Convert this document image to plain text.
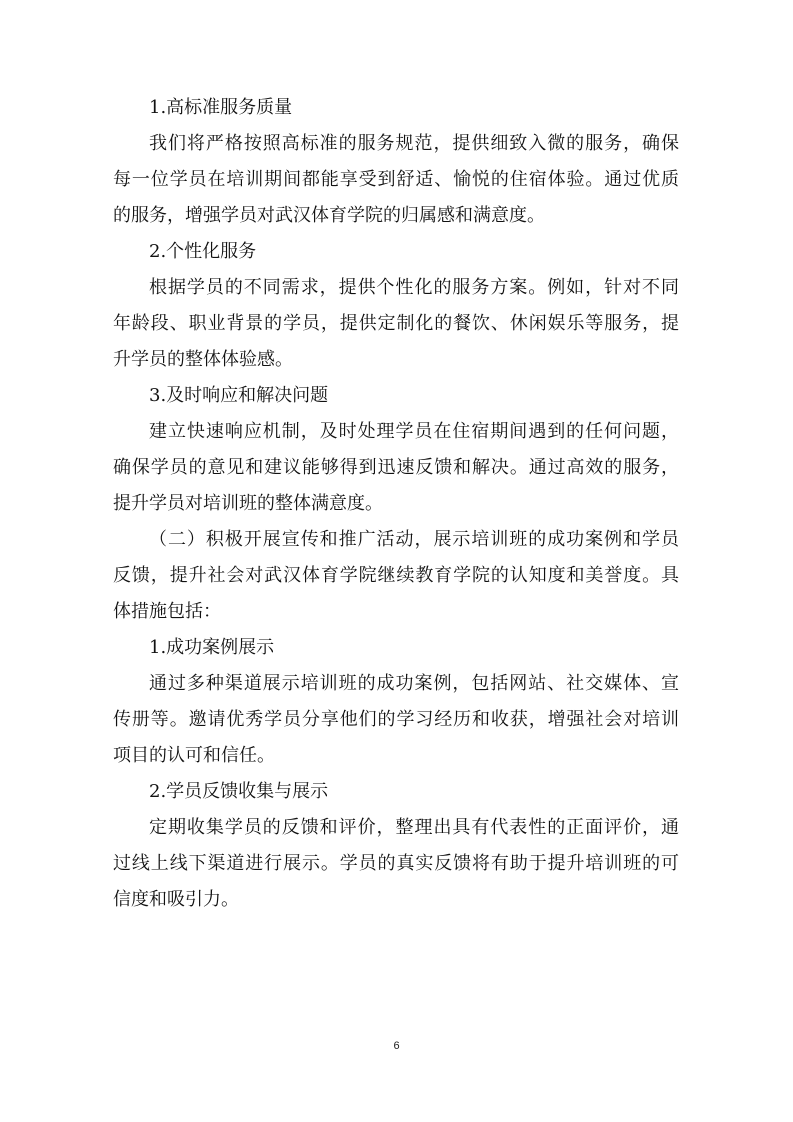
1.高标准服务质量
我们将严格按照高标准的服务规范，提供细致入微的服务，确保
每一位学员在培训期间都能享受到舒适、愉悦的住宿体验。通过优质
的服务，增强学员对武汉体育学院的归属感和满意度。
2.个性化服务
根据学员的不同需求，提供个性化的服务方案。例如，针对不同
年龄段、职业背景的学员，提供定制化的餐饮、休闲娱乐等服务，提
升学员的整体体验感。
3.及时响应和解决问题
建立快速响应机制，及时处理学员在住宿期间遇到的任何问题，
确保学员的意见和建议能够得到迅速反馈和解决。通过高效的服务，
提升学员对培训班的整体满意度。
（二）积极开展宣传和推广活动，展示培训班的成功案例和学员
反馈，提升社会对武汉体育学院继续教育学院的认知度和美誉度。具
体措施包括：
1.成功案例展示
通过多种渠道展示培训班的成功案例，包括网站、社交媒体、宣
传册等。邀请优秀学员分享他们的学习经历和收获，增强社会对培训
项目的认可和信任。
2.学员反馈收集与展示
定期收集学员的反馈和评价，整理出具有代表性的正面评价，通
过线上线下渠道进行展示。学员的真实反馈将有助于提升培训班的可
信度和吸引力。
6
